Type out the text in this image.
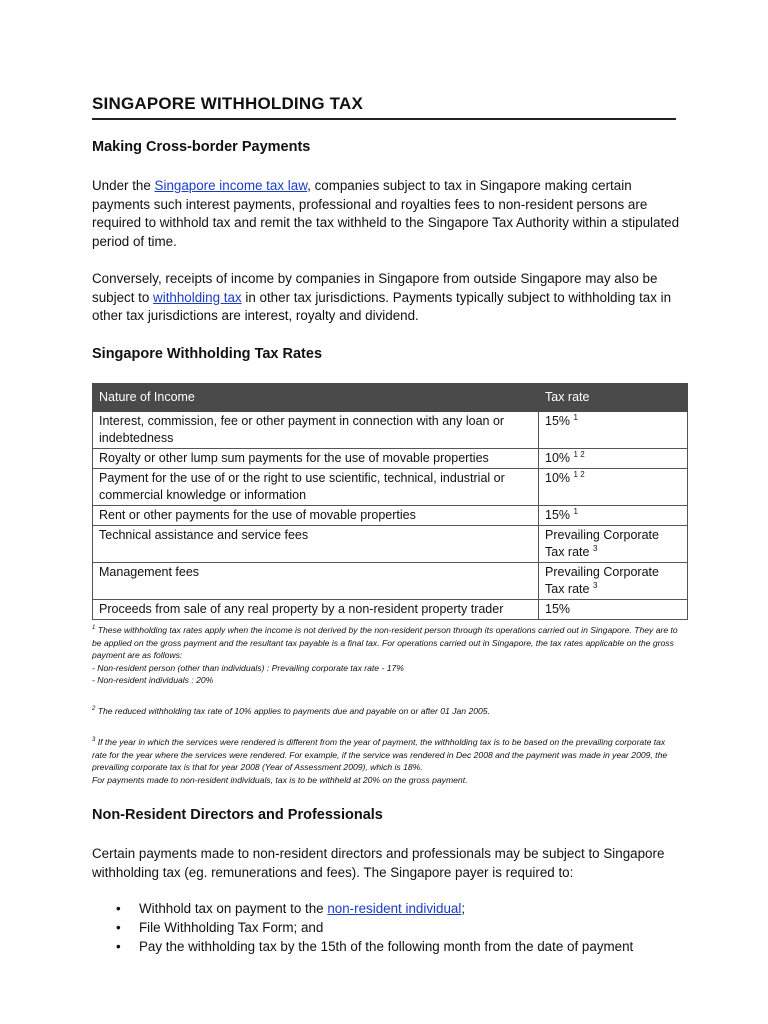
SINGAPORE WITHHOLDING TAX
Making Cross-border Payments
Under the Singapore income tax law, companies subject to tax in Singapore making certain payments such interest payments, professional and royalties fees to non-resident persons are required to withhold tax and remit the tax withheld to the Singapore Tax Authority within a stipulated period of time.
Conversely, receipts of income by companies in Singapore from outside Singapore may also be subject to withholding tax in other tax jurisdictions. Payments typically subject to withholding tax in other tax jurisdictions are interest, royalty and dividend.
Singapore Withholding Tax Rates
Nature of Income	Tax rate
Interest, commission, fee or other payment in connection with any loan or indebtedness	15% $^1$
Royalty or other lump sum payments for the use of movable properties	10% $^{1 2}$
Payment for the use of or the right to use scientific, technical, industrial or commercial knowledge or information	10% $^{1 2}$
Rent or other payments for the use of movable properties	15% $^1$
Technical assistance and service fees	Prevailing Corporate Tax rate $^3$
Management fees	Prevailing Corporate Tax rate $^3$
Proceeds from sale of any real property by a non-resident property trader	15%
$^1$ These withholding tax rates apply when the income is not derived by the non-resident person through its operations carried out in Singapore. They are to be applied on the gross payment and the resultant tax payable is a final tax. For operations carried out in Singapore, the tax rates applicable on the gross payment are as follows:
- Non-resident person (other than individuals) : Prevailing corporate tax rate - 17%
- Non-resident individuals : 20%
$^2$ The reduced withholding tax rate of 10% applies to payments due and payable on or after 01 Jan 2005.
$^3$ If the year in which the services were rendered is different from the year of payment, the withholding tax is to be based on the prevailing corporate tax rate for the year where the services were rendered. For example, if the service was rendered in Dec 2008 and the payment was made in year 2009, the prevailing corporate tax is that for year 2008 (Year of Assessment 2009), which is 18%.
For payments made to non-resident individuals, tax is to be withheld at 20% on the gross payment.
Non-Resident Directors and Professionals
Certain payments made to non-resident directors and professionals may be subject to Singapore withholding tax (eg. remunerations and fees). The Singapore payer is required to:
• Withhold tax on payment to the non-resident individual;
• File Withholding Tax Form; and
• Pay the withholding tax by the 15th of the following month from the date of payment
